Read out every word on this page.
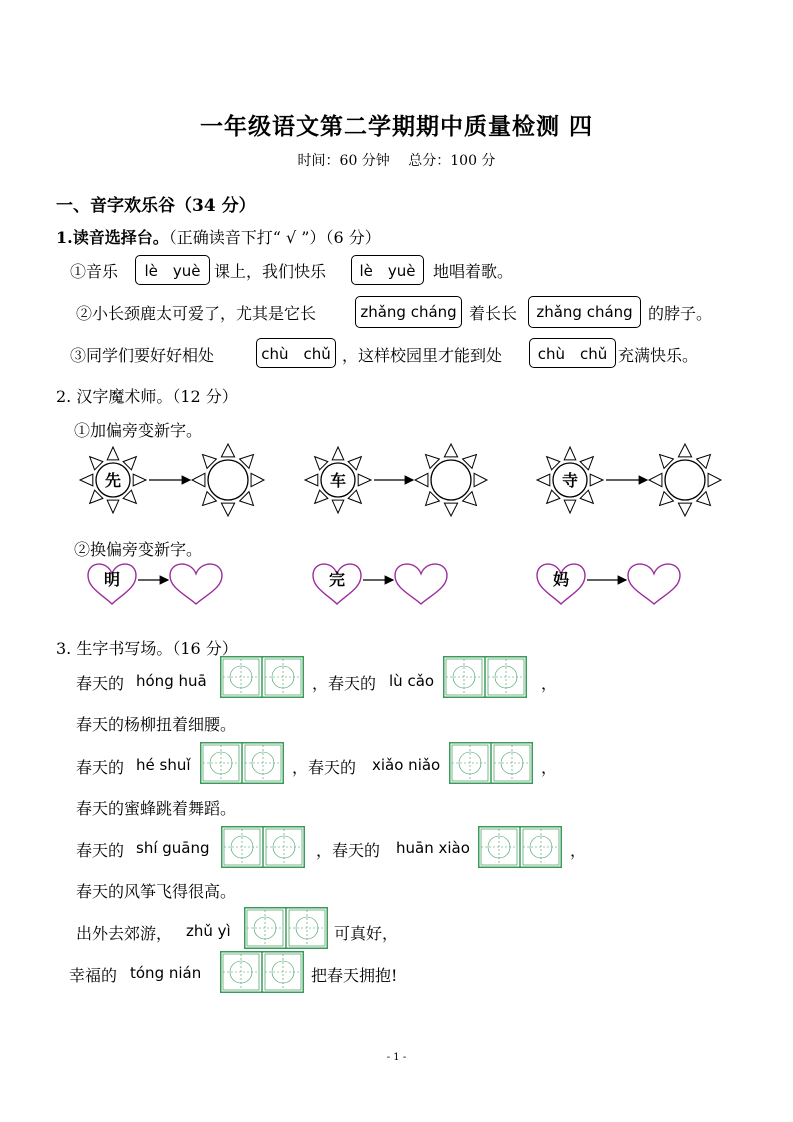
一年级语文第二学期期中质量检测 四
时间：60 分钟　 总分：100 分
一、音字欢乐谷（34 分）
1.读音选择台。（正确读音下打“ √ ”）（6 分）
①音乐	lè　yuè 课上，我们快乐	lè　yuè	地唱着歌。
②小长颈鹿太可爱了，尤其是它长	zhǎng cháng 着长长	zhǎng cháng 的脖子。
③同学们要好好相处	chù　chǔ ，这样校园里才能到处	chù　chǔ 充满快乐。
2. 汉字魔术师。（12 分）
①加偏旁变新字。
先	车	寺
②换偏旁变新字。
明	完	妈
3. 生字书写场。（16 分）
春天的 hóng huā	，春天的 lù cǎo	，
春天的杨柳扭着细腰。
春天的 hé shuǐ	，春天的 xiǎo niǎo	，
春天的蜜蜂跳着舞蹈。
春天的 shí guāng	，春天的 huān xiào	，
春天的风筝飞得很高。
出外去郊游， zhǔ yì	可真好，
幸福的 tóng nián	把春天拥抱!
- 1 -
